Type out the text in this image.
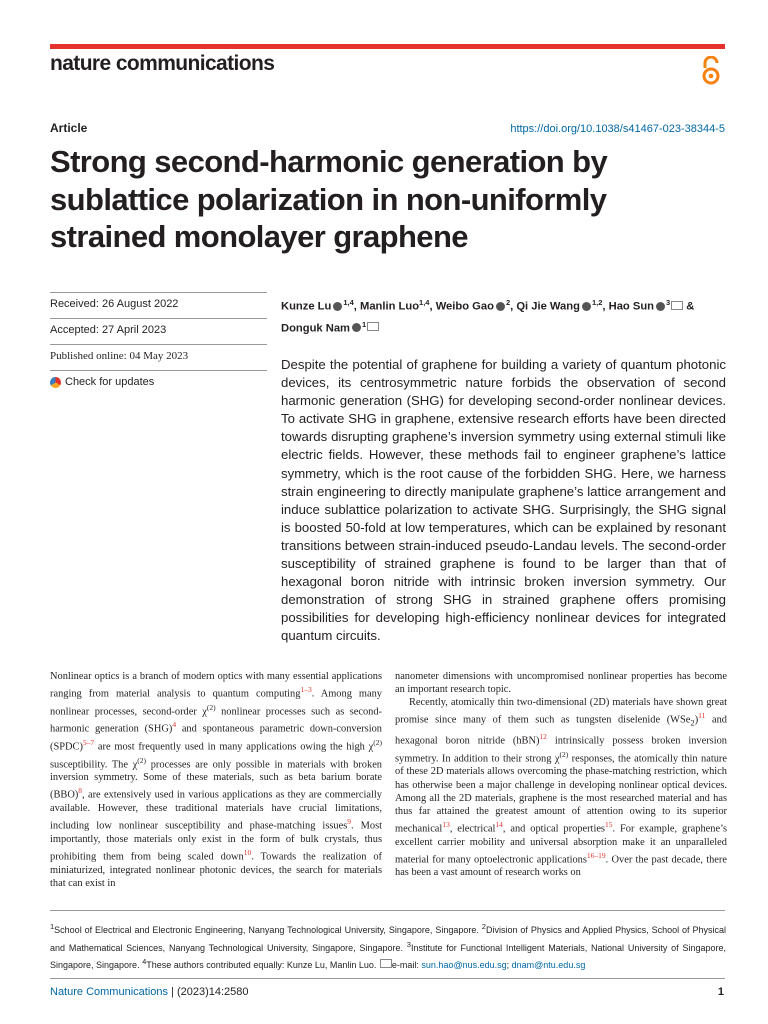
nature communications
Article	https://doi.org/10.1038/s41467-023-38344-5
Strong second-harmonic generation by sublattice polarization in non-uniformly strained monolayer graphene
Received: 26 August 2022
Accepted: 27 April 2023
Published online: 04 May 2023
Check for updates
Kunze Lu $^{1,4}$, Manlin Luo$^{1,4}$, Weibo Gao $^2$, Qi Jie Wang $^{1,2}$, Hao Sun $^3$ &
Donguk Nam $^1$

Despite the potential of graphene for building a variety of quantum photonic devices, its centrosymmetric nature forbids the observation of second harmonic generation (SHG) for developing second-order nonlinear devices. To activate SHG in graphene, extensive research efforts have been directed towards disrupting graphene’s inversion symmetry using external stimuli like electric fields. However, these methods fail to engineer graphene’s lattice symmetry, which is the root cause of the forbidden SHG. Here, we harness strain engineering to directly manipulate graphene’s lattice arrangement and induce sublattice polarization to activate SHG. Surprisingly, the SHG signal is boosted 50-fold at low temperatures, which can be explained by resonant transitions between strain-induced pseudo-Landau levels. The second-order susceptibility of strained graphene is found to be larger than that of hexagonal boron nitride with intrinsic broken inversion symmetry. Our demonstration of strong SHG in strained graphene offers promising possibilities for developing high-efficiency nonlinear devices for integrated quantum circuits.

Nonlinear optics is a branch of modern optics with many essential applications ranging from material analysis to quantum computing$^{1-3}$. Among many nonlinear processes, second-order $\chi^{(2)}$ nonlinear processes such as second-harmonic generation (SHG)$^4$ and spontaneous parametric down-conversion (SPDC)$^{5-7}$ are most frequently used in many applications owing the high $\chi^{(2)}$ susceptibility. The $\chi^{(2)}$ processes are only possible in materials with broken inversion symmetry. Some of these materials, such as beta barium borate (BBO)$^8$, are extensively used in various applications as they are commercially available. However, these traditional materials have crucial limitations, including low nonlinear susceptibility and phase-matching issues$^9$. Most importantly, those materials only exist in the form of bulk crystals, thus prohibiting them from being scaled down$^{10}$. Towards the realization of miniaturized, integrated nonlinear photonic devices, the search for materials that can exist in

nanometer dimensions with uncompromised nonlinear properties has become an important research topic.

Recently, atomically thin two-dimensional (2D) materials have shown great promise since many of them such as tungsten diselenide (WSe$_2$)$^{11}$ and hexagonal boron nitride (hBN)$^{12}$ intrinsically possess broken inversion symmetry. In addition to their strong $\chi^{(2)}$ responses, the atomically thin nature of these 2D materials allows overcoming the phase-matching restriction, which has otherwise been a major challenge in developing nonlinear optical devices. Among all the 2D materials, graphene is the most researched material and has thus far attained the greatest amount of attention owing to its superior mechanical$^{13}$, electrical$^{14}$, and optical properties$^{15}$. For example, graphene’s excellent carrier mobility and universal absorption make it an unparalleled material for many optoelectronic applications$^{16-19}$. Over the past decade, there has been a vast amount of research works on

$^1$School of Electrical and Electronic Engineering, Nanyang Technological University, Singapore, Singapore. $^2$Division of Physics and Applied Physics, School of Physical and Mathematical Sciences, Nanyang Technological University, Singapore, Singapore. $^3$Institute for Functional Intelligent Materials, National University of Singapore, Singapore, Singapore. $^4$These authors contributed equally: Kunze Lu, Manlin Luo. e-mail: sun.hao@nus.edu.sg; dnam@ntu.edu.sg

Nature Communications | (2023)14:2580	1
